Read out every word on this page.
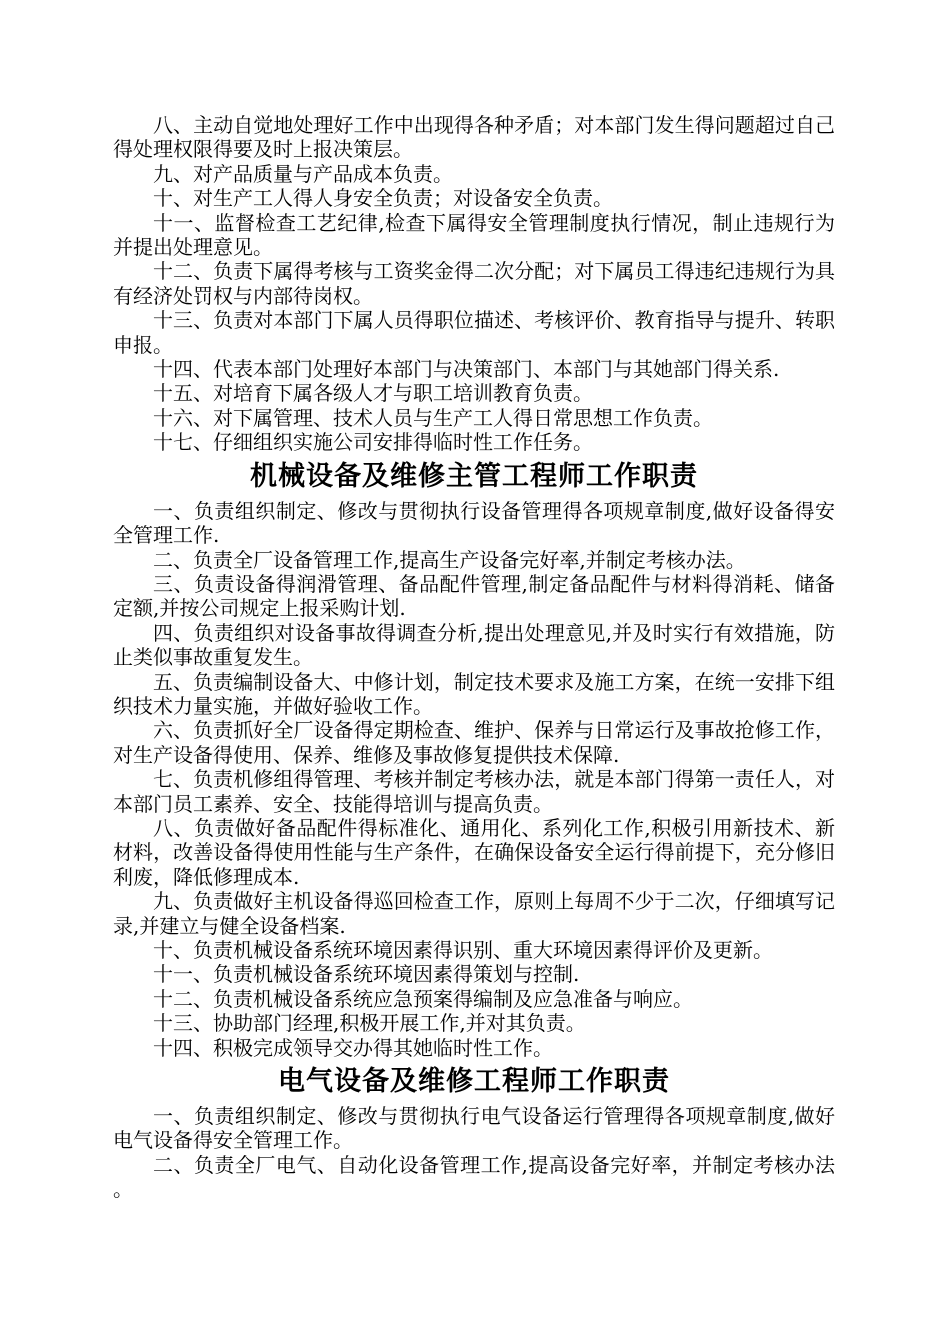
八、主动自觉地处理好工作中出现得各种矛盾；对本部门发生得问题超过自己得处理权限得要及时上报决策层。

九、对产品质量与产品成本负责。

十、对生产工人得人身安全负责；对设备安全负责。

十一、监督检查工艺纪律,检查下属得安全管理制度执行情况，制止违规行为并提出处理意见。

十二、负责下属得考核与工资奖金得二次分配；对下属员工得违纪违规行为具有经济处罚权与内部待岗权。

十三、负责对本部门下属人员得职位描述、考核评价、教育指导与提升、转职申报。

十四、代表本部门处理好本部门与决策部门、本部门与其她部门得关系.

十五、对培育下属各级人才与职工培训教育负责。

十六、对下属管理、技术人员与生产工人得日常思想工作负责。

十七、仔细组织实施公司安排得临时性工作任务。

机械设备及维修主管工程师工作职责

一、负责组织制定、修改与贯彻执行设备管理得各项规章制度,做好设备得安全管理工作.

二、负责全厂设备管理工作,提高生产设备完好率,并制定考核办法。

三、负责设备得润滑管理、备品配件管理,制定备品配件与材料得消耗、储备定额,并按公司规定上报采购计划.

四、负责组织对设备事故得调查分析,提出处理意见,并及时实行有效措施，防止类似事故重复发生。

五、负责编制设备大、中修计划，制定技术要求及施工方案，在统一安排下组织技术力量实施，并做好验收工作。

六、负责抓好全厂设备得定期检查、维护、保养与日常运行及事故抢修工作，对生产设备得使用、保养、维修及事故修复提供技术保障.

七、负责机修组得管理、考核并制定考核办法，就是本部门得第一责任人，对本部门员工素养、安全、技能得培训与提高负责。

八、负责做好备品配件得标准化、通用化、系列化工作,积极引用新技术、新材料，改善设备得使用性能与生产条件，在确保设备安全运行得前提下，充分修旧利废，降低修理成本.

九、负责做好主机设备得巡回检查工作，原则上每周不少于二次，仔细填写记录,并建立与健全设备档案.

十、负责机械设备系统环境因素得识别、重大环境因素得评价及更新。

十一、负责机械设备系统环境因素得策划与控制.

十二、负责机械设备系统应急预案得编制及应急准备与响应。

十三、协助部门经理,积极开展工作,并对其负责。

十四、积极完成领导交办得其她临时性工作。

电气设备及维修工程师工作职责

一、负责组织制定、修改与贯彻执行电气设备运行管理得各项规章制度,做好电气设备得安全管理工作。

二、负责全厂电气、自动化设备管理工作,提高设备完好率，并制定考核办法。
